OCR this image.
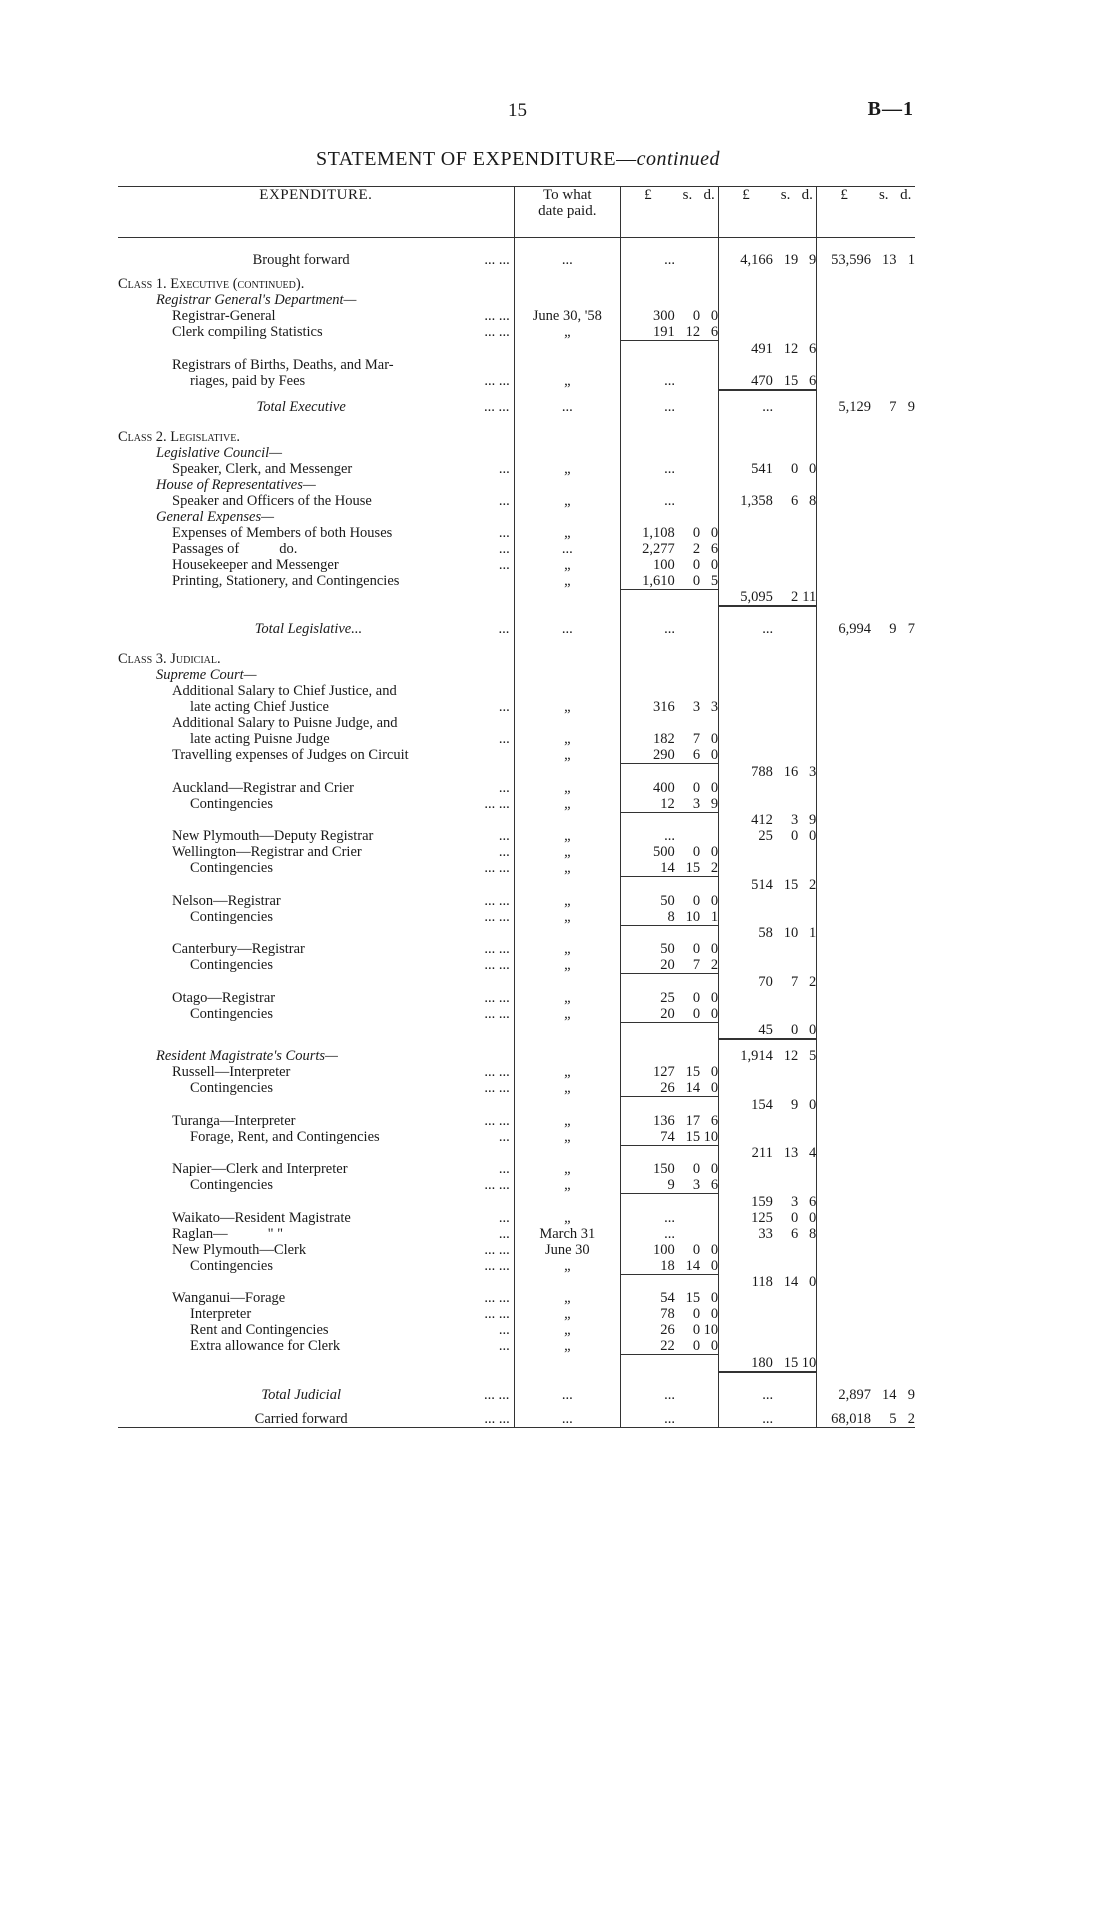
15	B—1
STATEMENT OF EXPENDITURE—continued
EXPENDITURE.	To what
date paid.	£	s.	d.	£	s.	d.	£	s.	d.

Brought forward ... ...	...	...			4,166	19	9	53,596	13	1

Class 1. Executive (continued).										
Registrar General's Department—										
Registrar-General ... ...	June 30, '58	300	0	0						
Clerk compiling Statistics ... ...	„	191	12	6						
					491	12	6			
Registrars of Births, Deaths, and Mar-										
riages, paid by Fees ... ...	„	...			470	15	6			

Total Executive ... ...	...	...			...			5,129	7	9

Class 2. Legislative.										
Legislative Council—										
Speaker, Clerk, and Messenger ...	„	...			541	0	0			
House of Representatives—										
Speaker and Officers of the House ...	„	...			1,358	6	8			
General Expenses—										
Expenses of Members of both Houses ...	„	1,108	0	0						
Passages of do. ...	...	2,277	2	6						
Housekeeper and Messenger ...	„	100	0	0						
Printing, Stationery, and Contingencies	„	1,610	0	5						
					5,095	2	11			

Total Legislative... ...	...	...			...			6,994	9	7

Class 3. Judicial.										
Supreme Court—										
Additional Salary to Chief Justice, and										
late acting Chief Justice ...	„	316	3	3						
Additional Salary to Puisne Judge, and										
late acting Puisne Judge ...	„	182	7	0						
Travelling expenses of Judges on Circuit	„	290	6	0						
					788	16	3			
Auckland—Registrar and Crier ...	„	400	0	0						
Contingencies ... ...	„	12	3	9						
					412	3	9			
New Plymouth—Deputy Registrar ...	„	...			25	0	0			
Wellington—Registrar and Crier ...	„	500	0	0						
Contingencies ... ...	„	14	15	2						
					514	15	2			
Nelson—Registrar ... ...	„	50	0	0						
Contingencies ... ...	„	8	10	1						
					58	10	1			
Canterbury—Registrar ... ...	„	50	0	0						
Contingencies ... ...	„	20	7	2						
					70	7	2			
Otago—Registrar ... ...	„	25	0	0						
Contingencies ... ...	„	20	0	0						
					45	0	0			

Resident Magistrate's Courts—					1,914	12	5			
Russell—Interpreter ... ...	„	127	15	0						
Contingencies ... ...	„	26	14	0						
					154	9	0			
Turanga—Interpreter ... ...	„	136	17	6						
Forage, Rent, and Contingencies ...	„	74	15	10						
					211	13	4			
Napier—Clerk and Interpreter ...	„	150	0	0						
Contingencies ... ...	„	9	3	6						
					159	3	6			
Waikato—Resident Magistrate ...	„	...			125	0	0			
Raglan— " " ...	March 31	...			33	6	8			
New Plymouth—Clerk ... ...	June 30	100	0	0						
Contingencies ... ...	„	18	14	0						
					118	14	0			
Wanganui—Forage ... ...	„	54	15	0						
Interpreter ... ...	„	78	0	0						
Rent and Contingencies ...	„	26	0	10						
Extra allowance for Clerk ...	„	22	0	0						
					180	15	10			

Total Judicial ... ...	...	...			...			2,897	14	9

Carried forward ... ...	...	...			...			68,018	5	2
